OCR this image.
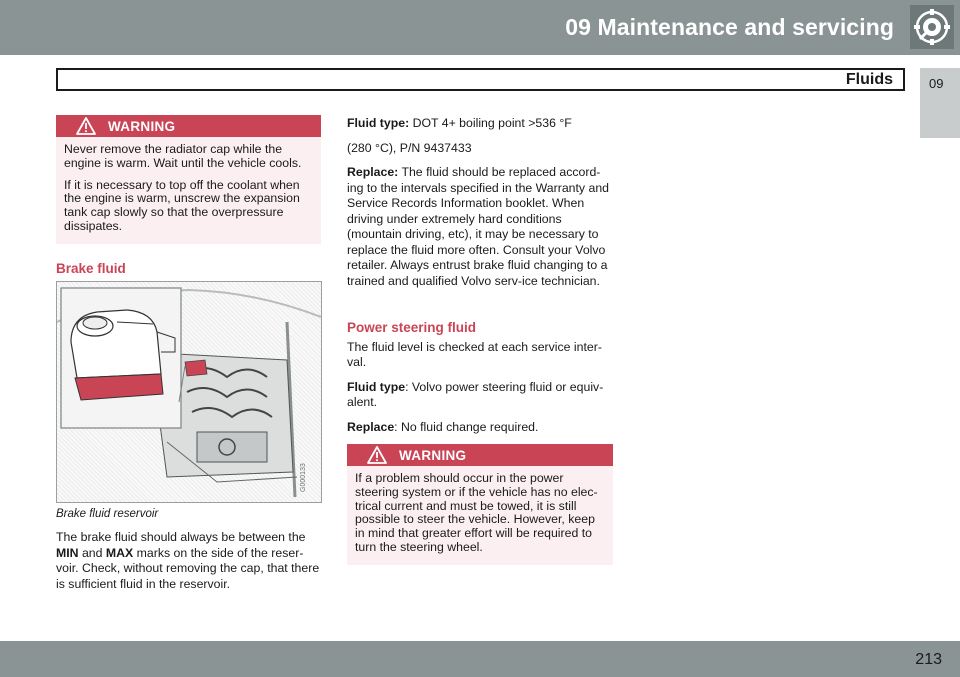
09 Maintenance and servicing
Fluids	09
WARNING

Never remove the radiator cap while the engine is warm. Wait until the vehicle cools.

If it is necessary to top off the coolant when the engine is warm, unscrew the expansion tank cap slowly so that the overpressure dissipates.

Brake fluid
G000133
Brake fluid reservoir

The brake fluid should always be between the MIN and MAX marks on the side of the reser-voir. Check, without removing the cap, that there is sufficient fluid in the reservoir.

Fluid type: DOT 4+ boiling point >536 °F

(280 °C), P/N 9437433

Replace: The fluid should be replaced accord-ing to the intervals specified in the Warranty and Service Records Information booklet. When driving under extremely hard conditions (mountain driving, etc), it may be necessary to replace the fluid more often. Consult your Volvo retailer. Always entrust brake fluid changing to a trained and qualified Volvo serv-ice technician.

Power steering fluid

The fluid level is checked at each service inter-val.

Fluid type: Volvo power steering fluid or equiv-alent.

Replace: No fluid change required.

WARNING

If a problem should occur in the power steering system or if the vehicle has no elec-trical current and must be towed, it is still possible to steer the vehicle. However, keep in mind that greater effort will be required to turn the steering wheel.

213
